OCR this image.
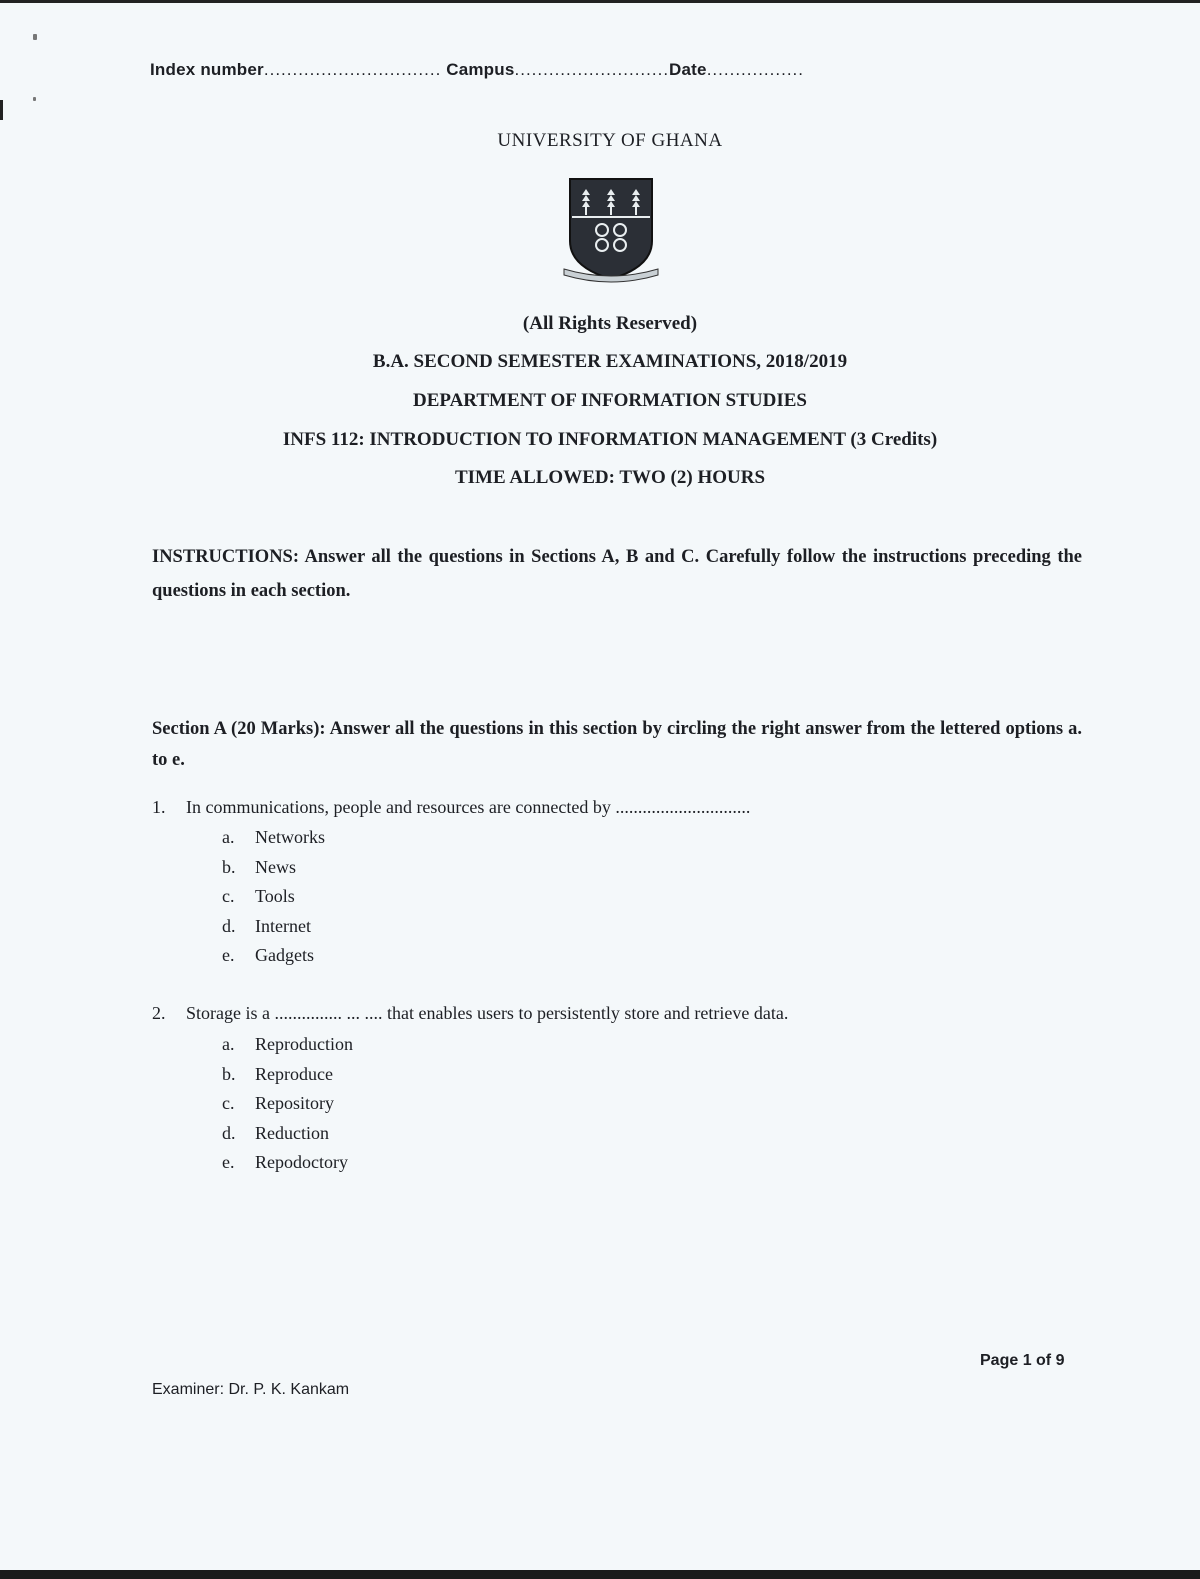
Index number............................... Campus...........................Date.................
UNIVERSITY OF GHANA
(All Rights Reserved)
B.A. SECOND SEMESTER EXAMINATIONS, 2018/2019
DEPARTMENT OF INFORMATION STUDIES
INFS 112: INTRODUCTION TO INFORMATION MANAGEMENT (3 Credits)
TIME ALLOWED: TWO (2) HOURS
INSTRUCTIONS: Answer all the questions in Sections A, B and C. Carefully follow the instructions preceding the questions in each section.
Section A (20 Marks): Answer all the questions in this section by circling the right answer from the lettered options a. to e.
1. In communications, people and resources are connected by ..............................
a. Networks
b. News
c. Tools
d. Internet
e. Gadgets
2. Storage is a ............... ... .... that enables users to persistently store and retrieve data.
a. Reproduction
b. Reproduce
c. Repository
d. Reduction
e. Repodoctory
Page 1 of 9
Examiner: Dr. P. K. Kankam
